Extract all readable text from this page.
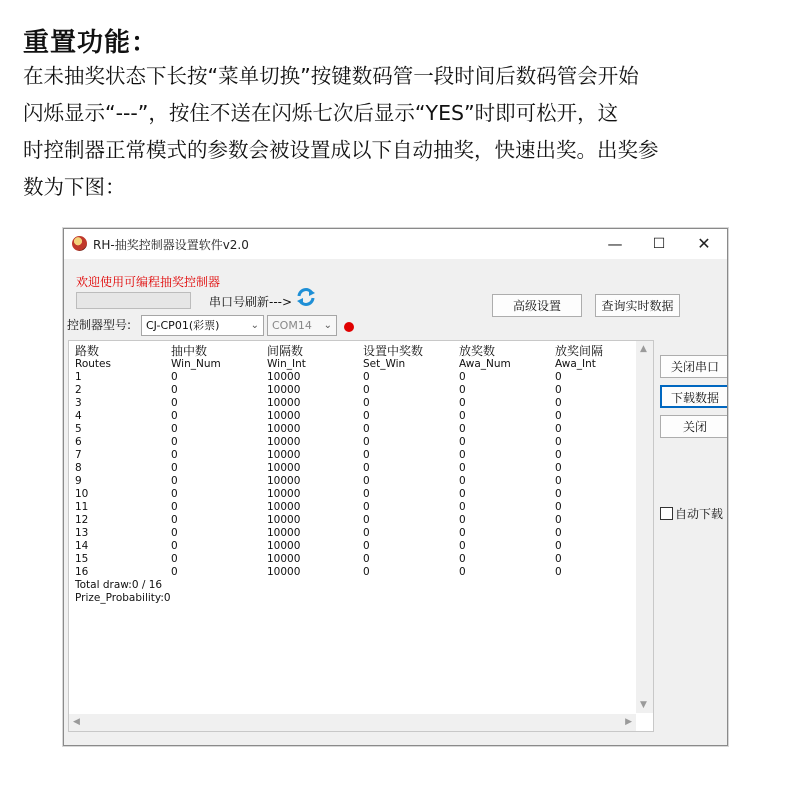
重置功能：
在未抽奖状态下长按“菜单切换”按键数码管一段时间后数码管会开始
闪烁显示“---”，按住不送在闪烁七次后显示“YES”时即可松开，这
时控制器正常模式的参数会被设置成以下自动抽奖，快速出奖。出奖参
数为下图：
RH-抽奖控制器设置软件v2.0	—	☐	✕
欢迎使用可编程抽奖控制器
串口号刷新--->	高级设置	查询实时数据
控制器型号: CJ-CP01(彩票)	⌄ COM14 ⌄
路数	抽中数	间隔数	设置中奖数	放奖数	放奖间隔
Routes	Win_Num	Win_Int	Set_Win	Awa_Num	Awa_Int
1	0	10000	0	0	0
2	0	10000	0	0	0
3	0	10000	0	0	0
4	0	10000	0	0	0
5	0	10000	0	0	0
6	0	10000	0	0	0
7	0	10000	0	0	0
8	0	10000	0	0	0
9	0	10000	0	0	0
10	0	10000	0	0	0
11	0	10000	0	0	0
12	0	10000	0	0	0
13	0	10000	0	0	0
14	0	10000	0	0	0
15	0	10000	0	0	0
16	0	10000	0	0	0
Total draw:0 / 16
Prize_Probability:0
▲
▼
◀	▶
关闭串口
下载数据
关闭
自动下载
